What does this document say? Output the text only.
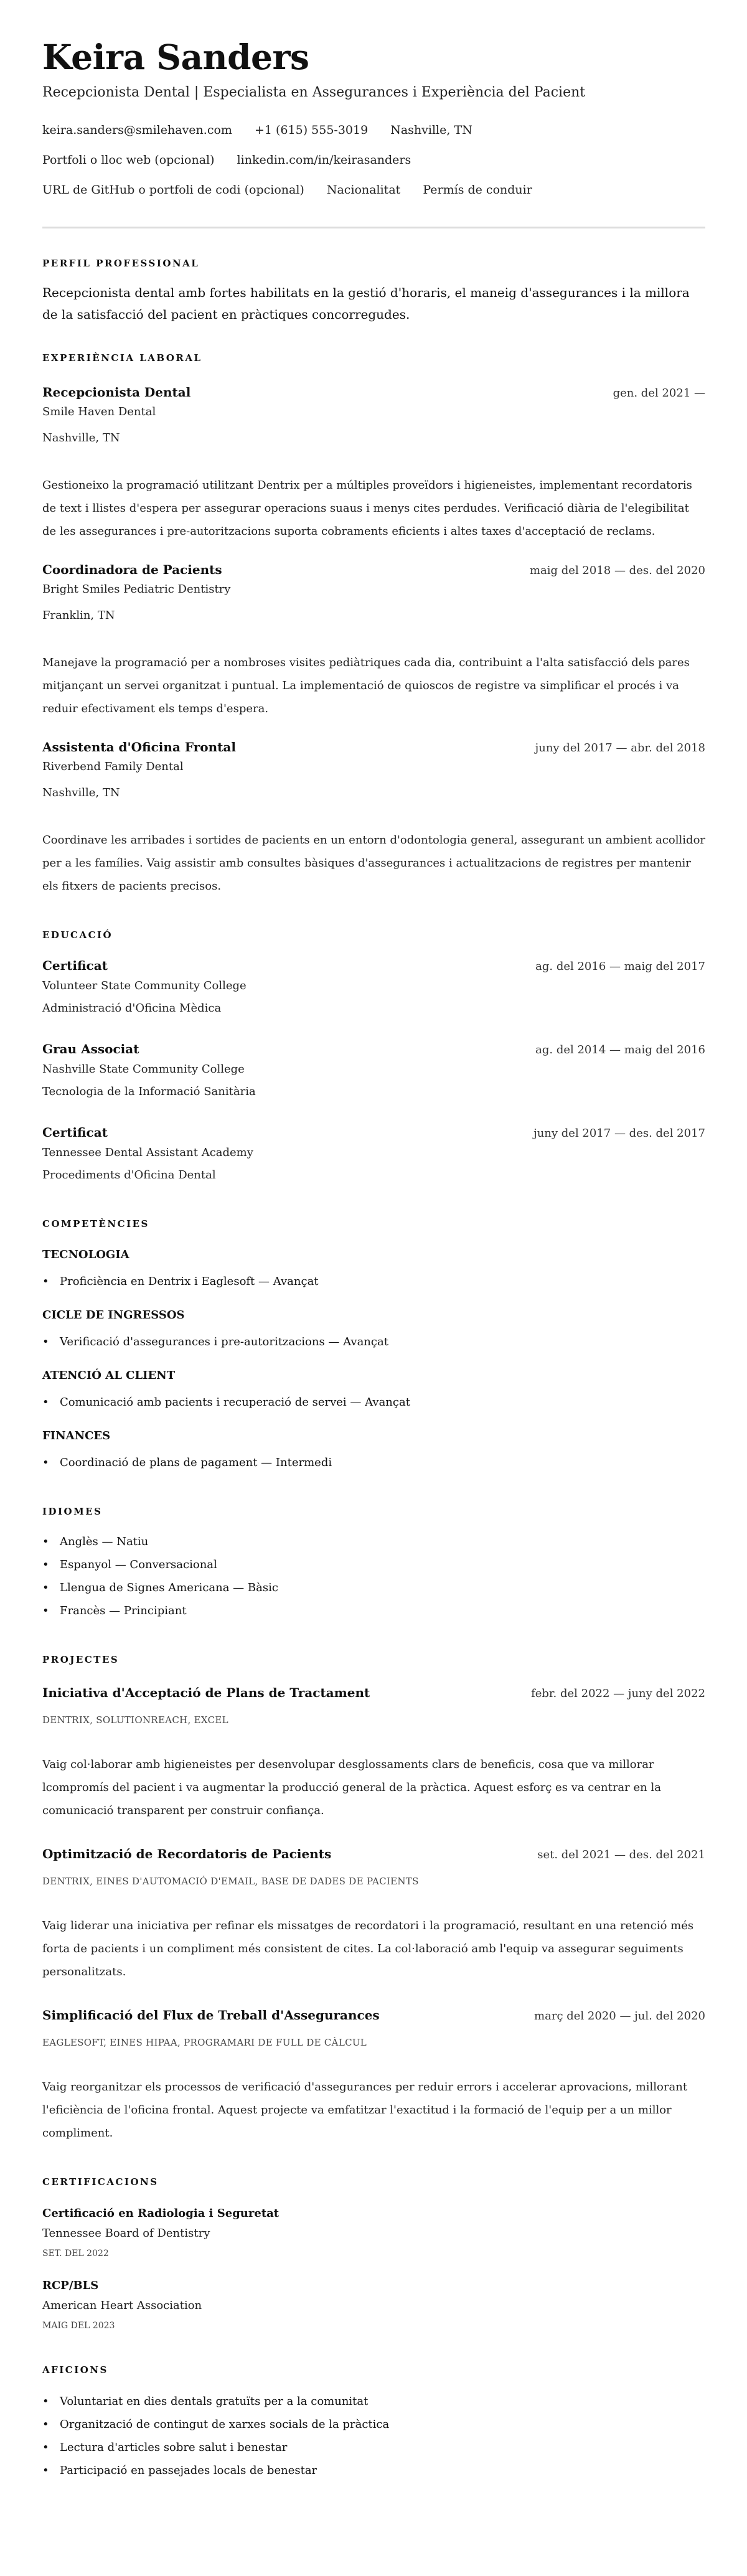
Keira Sanders
Recepcionista Dental | Especialista en Assegurances i Experiència del Pacient
keira.sanders@smilehaven.com +1 (615) 555-3019 Nashville, TN
Portfoli o lloc web (opcional) linkedin.com/in/keirasanders
URL de GitHub o portfoli de codi (opcional) Nacionalitat Permís de conduir
PERFIL PROFESSIONAL

Recepcionista dental amb fortes habilitats en la gestió d'horaris, el maneig d'assegurances i la millora de la satisfacció del pacient en pràctiques concorregudes.

EXPERIÈNCIA LABORAL
Recepcionista Dental	gen. del 2021 —
Smile Haven Dental
Nashville, TN

Gestioneixo la programació utilitzant Dentrix per a múltiples proveïdors i higieneistes, implementant recordatoris de text i llistes d'espera per assegurar operacions suaus i menys cites perdudes. Verificació diària de l'elegibilitat de les assegurances i pre-autoritzacions suporta cobraments eficients i altes taxes d'acceptació de reclams.

Coordinadora de Pacients	maig del 2018 — des. del 2020
Bright Smiles Pediatric Dentistry
Franklin, TN

Manejave la programació per a nombroses visites pediàtriques cada dia, contribuint a l'alta satisfacció dels pares mitjançant un servei organitzat i puntual. La implementació de quioscos de registre va simplificar el procés i va reduir efectivament els temps d'espera.

Assistenta d'Oficina Frontal	juny del 2017 — abr. del 2018
Riverbend Family Dental
Nashville, TN

Coordinave les arribades i sortides de pacients en un entorn d'odontologia general, assegurant un ambient acollidor per a les famílies. Vaig assistir amb consultes bàsiques d'assegurances i actualitzacions de registres per mantenir els fitxers de pacients precisos.

EDUCACIÓ
Certificat	ag. del 2016 — maig del 2017
Volunteer State Community College
Administració d'Oficina Mèdica
Grau Associat	ag. del 2014 — maig del 2016
Nashville State Community College
Tecnologia de la Informació Sanitària
Certificat	juny del 2017 — des. del 2017
Tennessee Dental Assistant Academy
Procediments d'Oficina Dental
COMPETÈNCIES
TECNOLOGIA
• Proficiència en Dentrix i Eaglesoft — Avançat
CICLE DE INGRESSOS
• Verificació d'assegurances i pre-autoritzacions — Avançat
ATENCIÓ AL CLIENT
• Comunicació amb pacients i recuperació de servei — Avançat
FINANCES
• Coordinació de plans de pagament — Intermedi
IDIOMES
• Anglès — Natiu
• Espanyol — Conversacional
• Llengua de Signes Americana — Bàsic
• Francès — Principiant
PROJECTES
Iniciativa d'Acceptació de Plans de Tractament	febr. del 2022 — juny del 2022
DENTRIX, SOLUTIONREACH, EXCEL

Vaig col·laborar amb higieneistes per desenvolupar desglossaments clars de beneficis, cosa que va millorar lcompromís del pacient i va augmentar la producció general de la pràctica. Aquest esforç es va centrar en la comunicació transparent per construir confiança.

Optimització de Recordatoris de Pacients	set. del 2021 — des. del 2021
DENTRIX, EINES D'AUTOMACIÓ D'EMAIL, BASE DE DADES DE PACIENTS

Vaig liderar una iniciativa per refinar els missatges de recordatori i la programació, resultant en una retenció més forta de pacients i un compliment més consistent de cites. La col·laboració amb l'equip va assegurar seguiments personalitzats.

Simplificació del Flux de Treball d'Assegurances	març del 2020 — jul. del 2020
EAGLESOFT, EINES HIPAA, PROGRAMARI DE FULL DE CÀLCUL

Vaig reorganitzar els processos de verificació d'assegurances per reduir errors i accelerar aprovacions, millorant l'eficiència de l'oficina frontal. Aquest projecte va emfatitzar l'exactitud i la formació de l'equip per a un millor compliment.

CERTIFICACIONS
Certificació en Radiologia i Seguretat
Tennessee Board of Dentistry
SET. DEL 2022
RCP/BLS
American Heart Association
MAIG DEL 2023
AFICIONS
• Voluntariat en dies dentals gratuïts per a la comunitat
• Organització de contingut de xarxes socials de la pràctica
• Lectura d'articles sobre salut i benestar
• Participació en passejades locals de benestar
